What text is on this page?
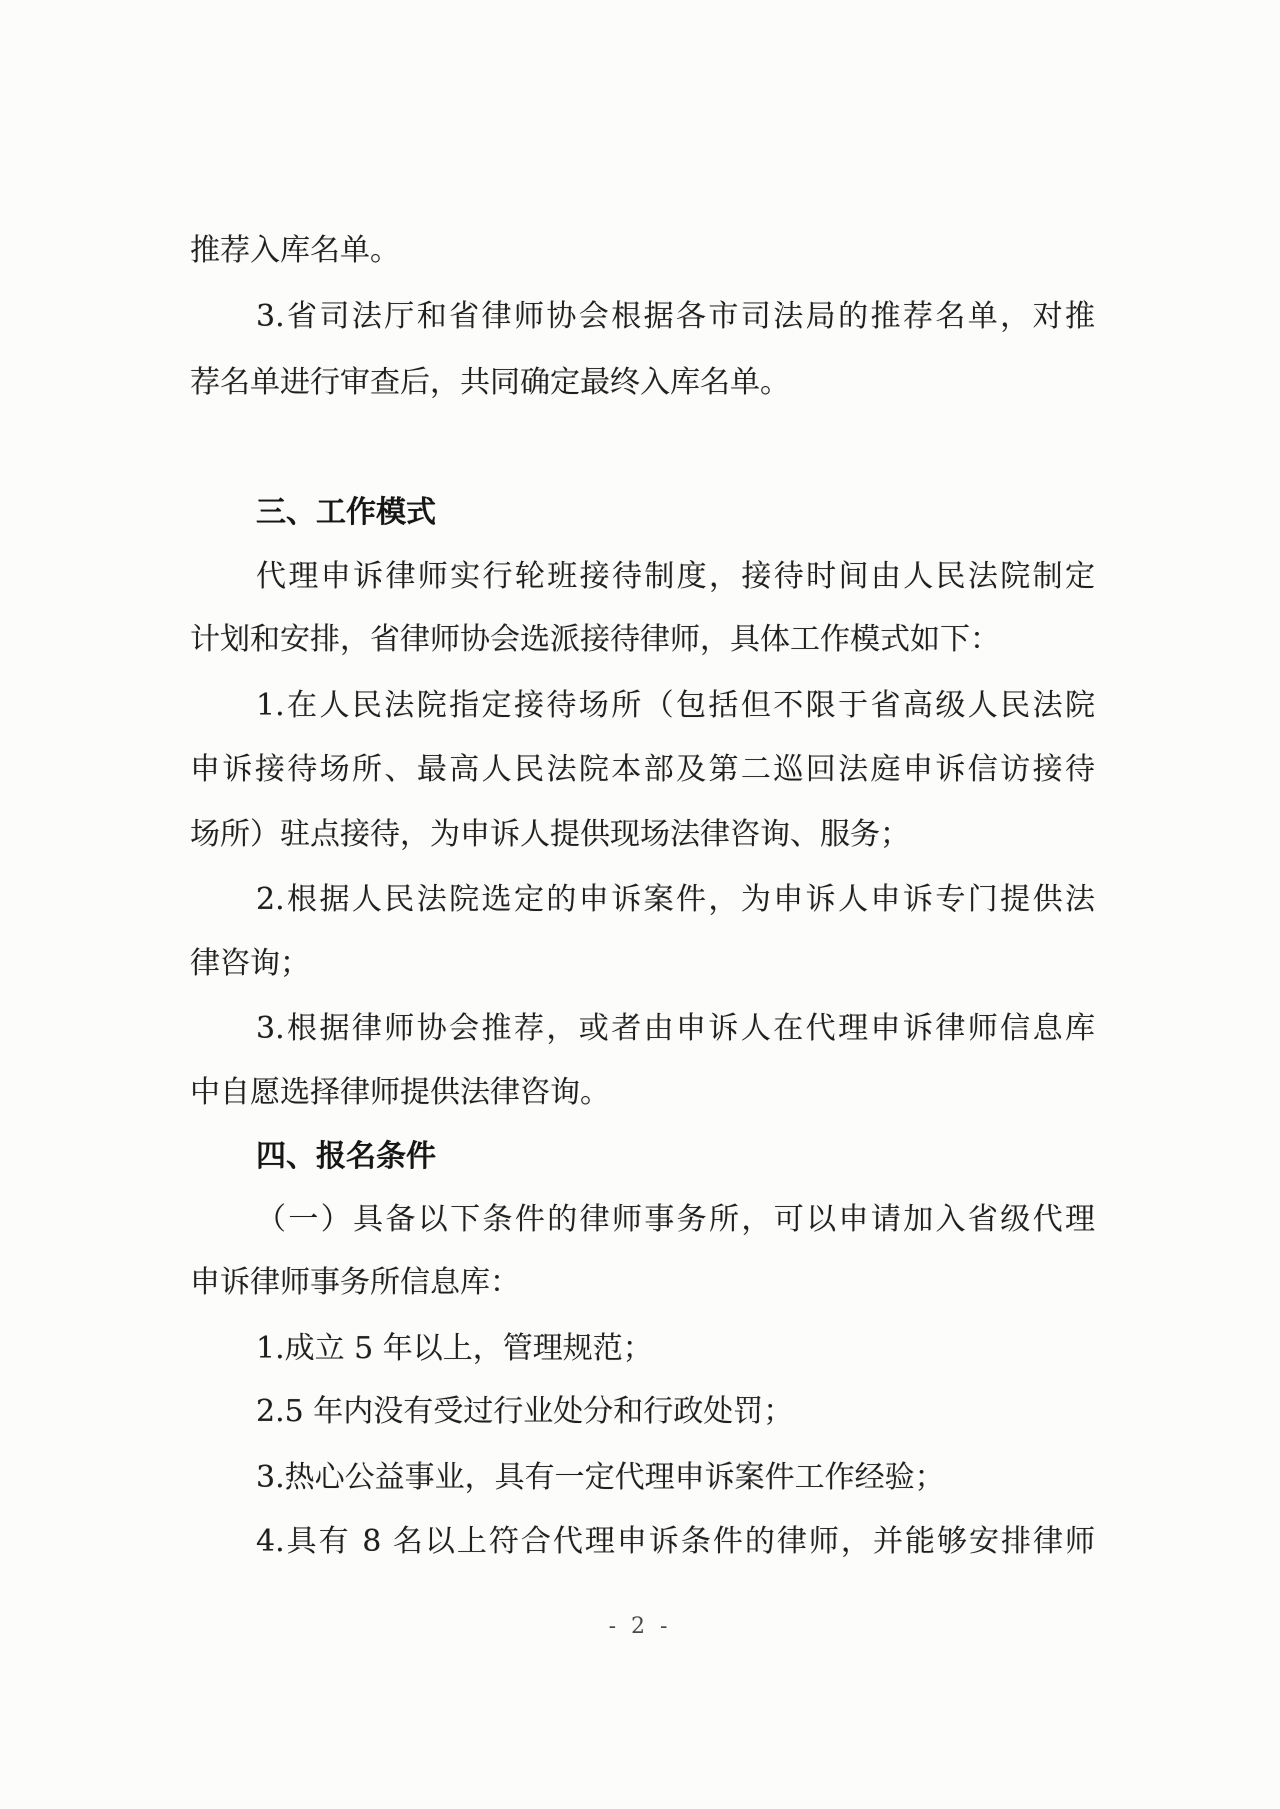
推荐入库名单。
3.省司法厅和省律师协会根据各市司法局的推荐名单，对推
荐名单进行审查后，共同确定最终入库名单。
三、工作模式
代理申诉律师实行轮班接待制度，接待时间由人民法院制定
计划和安排，省律师协会选派接待律师，具体工作模式如下：
1.在人民法院指定接待场所（包括但不限于省高级人民法院
申诉接待场所、最高人民法院本部及第二巡回法庭申诉信访接待
场所）驻点接待，为申诉人提供现场法律咨询、服务；
2.根据人民法院选定的申诉案件，为申诉人申诉专门提供法
律咨询；
3.根据律师协会推荐，或者由申诉人在代理申诉律师信息库
中自愿选择律师提供法律咨询。
四、报名条件
（一）具备以下条件的律师事务所，可以申请加入省级代理
申诉律师事务所信息库：
1.成立 5 年以上，管理规范；
2.5 年内没有受过行业处分和行政处罚；
3.热心公益事业，具有一定代理申诉案件工作经验；
4.具有 8 名以上符合代理申诉条件的律师，并能够安排律师
- 2 -
